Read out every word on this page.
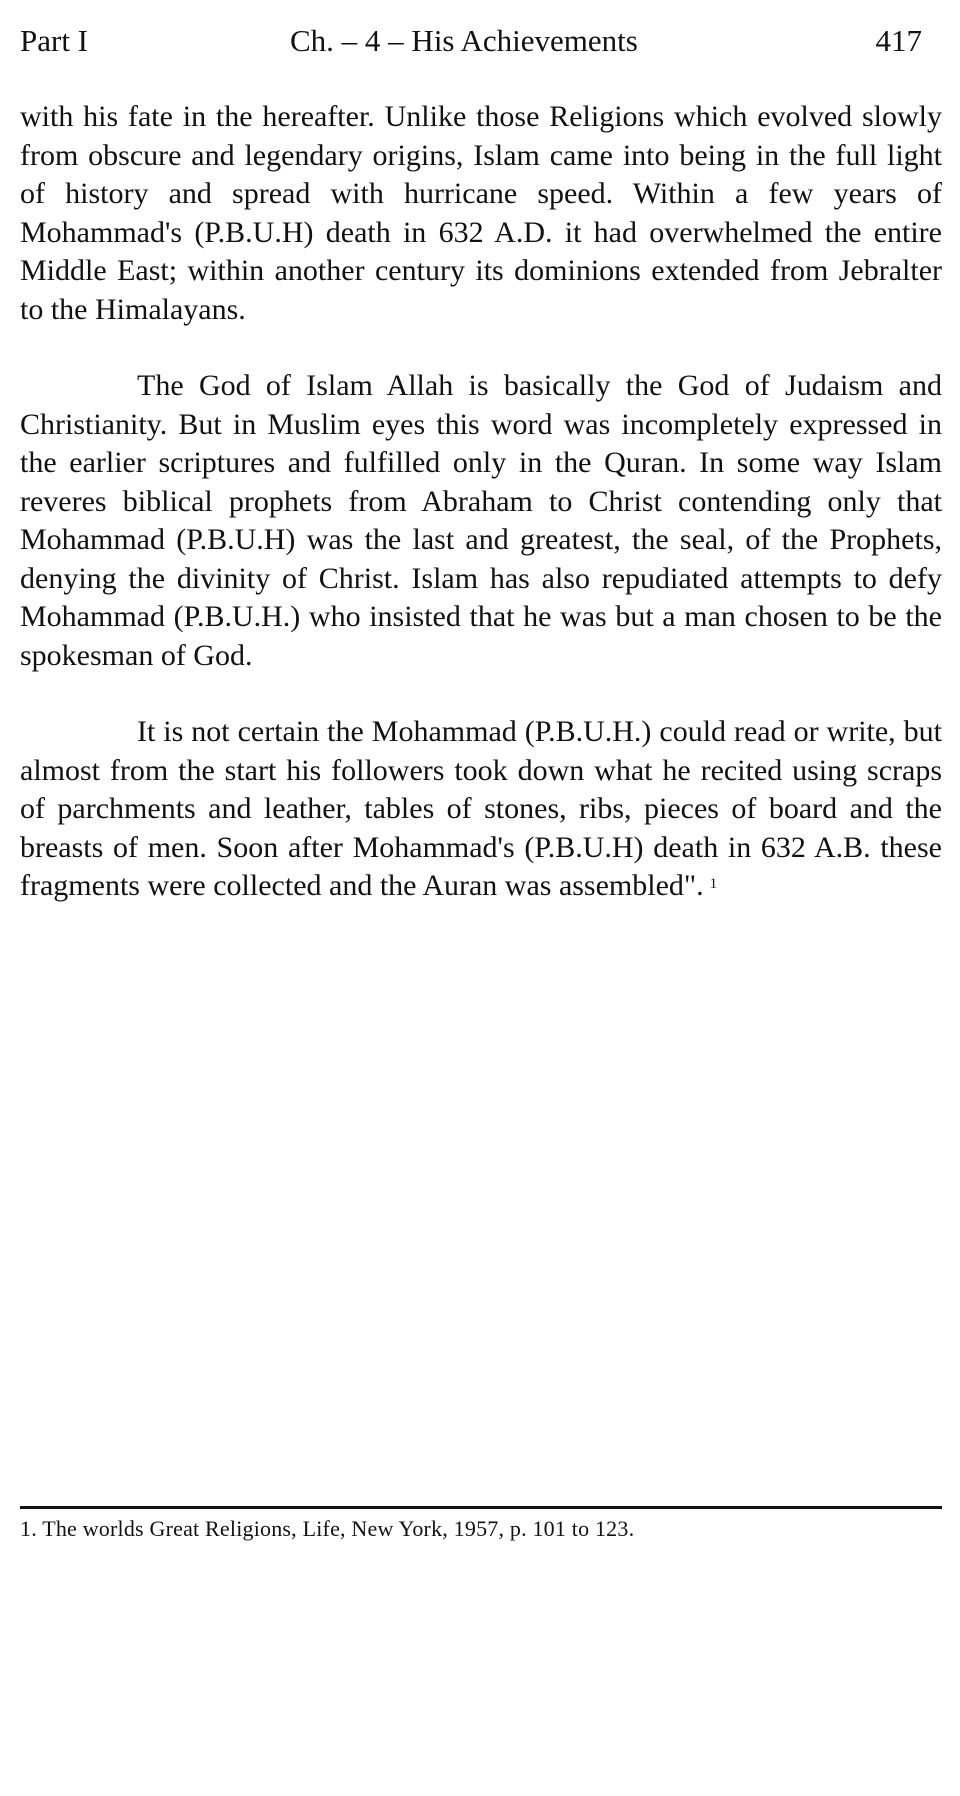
Part I	Ch. – 4 – His Achievements	417

with his fate in the hereafter. Unlike those Religions which evolved slowly from obscure and legendary origins, Islam came into being in the full light of history and spread with hurricane speed. Within a few years of Mohammad's (P.B.U.H) death in 632 A.D. it had overwhelmed the entire Middle East; within another century its dominions extended from Jebralter to the Himalayans.

The God of Islam Allah is basically the God of Judaism and Christianity. But in Muslim eyes this word was incompletely expressed in the earlier scriptures and fulfilled only in the Quran. In some way Islam reveres biblical prophets from Abraham to Christ contending only that Mohammad (P.B.U.H) was the last and greatest, the seal, of the Prophets, denying the divinity of Christ. Islam has also repudiated attempts to defy Mohammad (P.B.U.H.) who insisted that he was but a man chosen to be the spokesman of God.

It is not certain the Mohammad (P.B.U.H.) could read or write, but almost from the start his followers took down what he recited using scraps of parchments and leather, tables of stones, ribs, pieces of board and the breasts of men. Soon after Mohammad's (P.B.U.H) death in 632 A.B. these fragments were collected and the Auran was assembled". $^1$

1. The worlds Great Religions, Life, New York, 1957, p. 101 to 123.
